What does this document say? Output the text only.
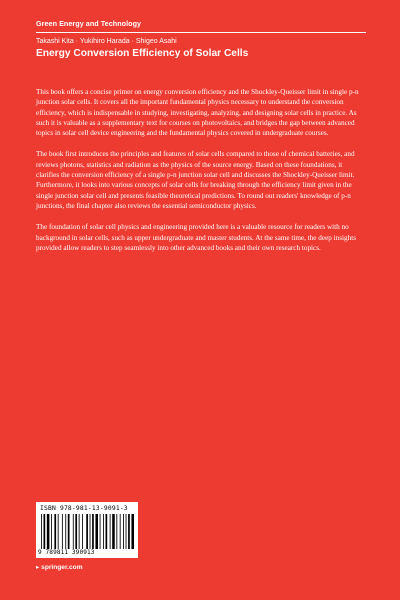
Green Energy and Technology
Takashi Kita · Yukihiro Harada · Shigeo Asahi
Energy Conversion Efficiency of Solar Cells

This book offers a concise primer on energy conversion efficiency and the Shockley-Queisser limit in single p-n junction solar cells. It covers all the important fundamental physics necessary to understand the conversion efficiency, which is indispensable in studying, investigating, analyzing, and designing solar cells in practice. As such it is valuable as a supplementary text for courses on photovoltaics, and bridges the gap between advanced topics in solar cell device engineering and the fundamental physics covered in undergraduate courses.

The book first introduces the principles and features of solar cells compared to those of chemical batteries, and reviews photons, statistics and radiation as the physics of the source energy. Based on these foundations, it clarifies the conversion efficiency of a single p-n junction solar cell and discusses the Shockley-Queisser limit. Furthermore, it looks into various concepts of solar cells for breaking through the efficiency limit given in the single junction solar cell and presents feasible theoretical predictions. To round out readers' knowledge of p-n junctions, the final chapter also reviews the essential semiconductor physics.

The foundation of solar cell physics and engineering provided here is a valuable resource for readers with no background in solar cells, such as upper undergraduate and master students. At the same time, the deep insights provided allow readers to step seamlessly into other advanced books and their own research topics.

ISBN 978-981-13-9091-3
9 789811 390913
▸ springer.com
